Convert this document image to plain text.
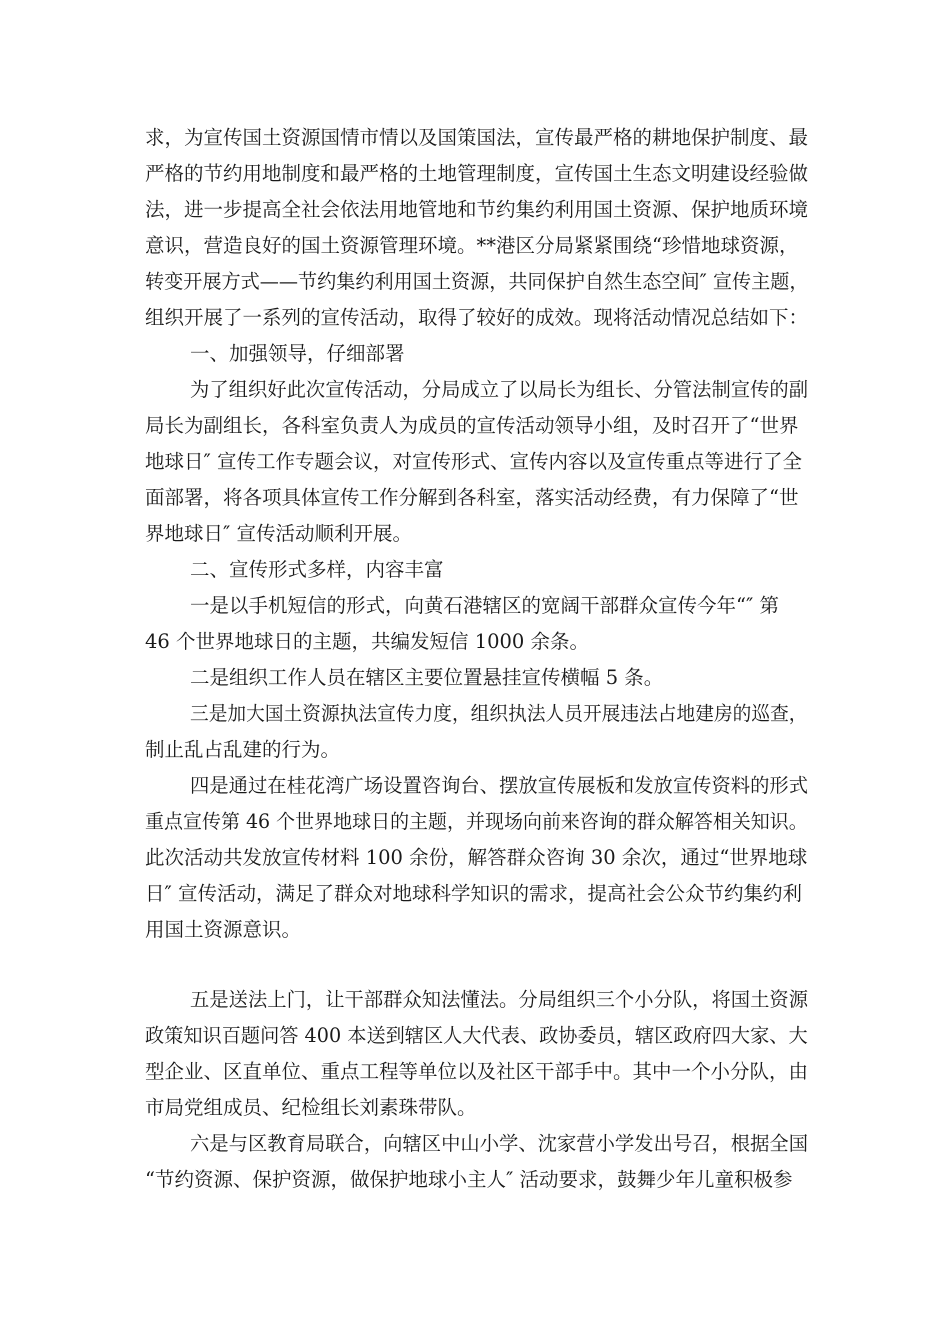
求，为宣传国土资源国情市情以及国策国法，宣传最严格的耕地保护制度、最
严格的节约用地制度和最严格的土地管理制度，宣传国土生态文明建设经验做
法，进一步提高全社会依法用地管地和节约集约利用国土资源、保护地质环境
意识，营造良好的国土资源管理环境。**港区分局紧紧围绕“珍惜地球资源，
转变开展方式——节约集约利用国土资源，共同保护自然生态空间″ 宣传主题，
组织开展了一系列的宣传活动，取得了较好的成效。现将活动情况总结如下：
一、加强领导，仔细部署
为了组织好此次宣传活动，分局成立了以局长为组长、分管法制宣传的副
局长为副组长，各科室负责人为成员的宣传活动领导小组，及时召开了“世界
地球日″ 宣传工作专题会议，对宣传形式、宣传内容以及宣传重点等进行了全
面部署，将各项具体宣传工作分解到各科室，落实活动经费，有力保障了“世
界地球日″ 宣传活动顺利开展。
二、宣传形式多样，内容丰富
一是以手机短信的形式，向黄石港辖区的宽阔干部群众宣传今年“″ 第
46 个世界地球日的主题，共编发短信 1000 余条。
二是组织工作人员在辖区主要位置悬挂宣传横幅 5 条。
三是加大国土资源执法宣传力度，组织执法人员开展违法占地建房的巡查，
制止乱占乱建的行为。
四是通过在桂花湾广场设置咨询台、摆放宣传展板和发放宣传资料的形式
重点宣传第 46 个世界地球日的主题，并现场向前来咨询的群众解答相关知识。
此次活动共发放宣传材料 100 余份，解答群众咨询 30 余次，通过“世界地球
日″ 宣传活动，满足了群众对地球科学知识的需求，提高社会公众节约集约利
用国土资源意识。
五是送法上门，让干部群众知法懂法。分局组织三个小分队，将国土资源
政策知识百题问答 400 本送到辖区人大代表、政协委员，辖区政府四大家、大
型企业、区直单位、重点工程等单位以及社区干部手中。其中一个小分队，由
市局党组成员、纪检组长刘素珠带队。
六是与区教育局联合，向辖区中山小学、沈家营小学发出号召，根据全国
“节约资源、保护资源，做保护地球小主人″ 活动要求，鼓舞少年儿童积极参
